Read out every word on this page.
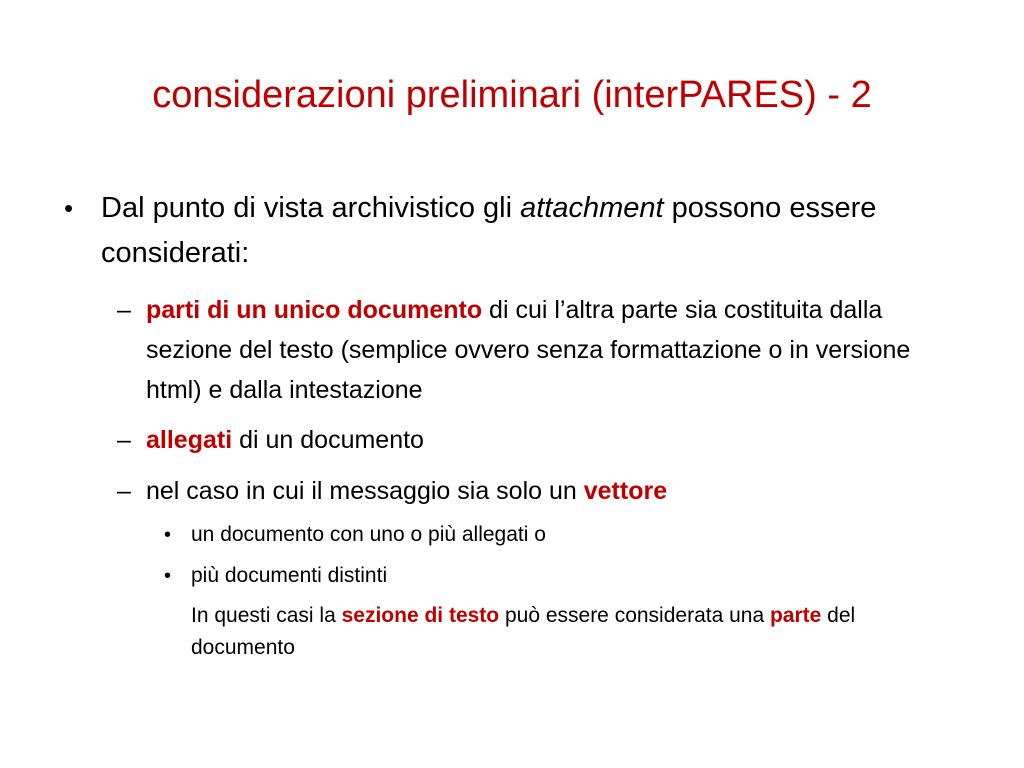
considerazioni preliminari (interPARES) - 2
• Dal punto di vista archivistico gli attachment possono essere considerati:
– parti di un unico documento di cui l’altra parte sia costituita dalla sezione del testo (semplice ovvero senza formattazione o in versione html) e dalla intestazione
– allegati di un documento
– nel caso in cui il messaggio sia solo un vettore
• un documento con uno o più allegati o
• più documenti distinti
In questi casi la sezione di testo può essere considerata una parte del documento
